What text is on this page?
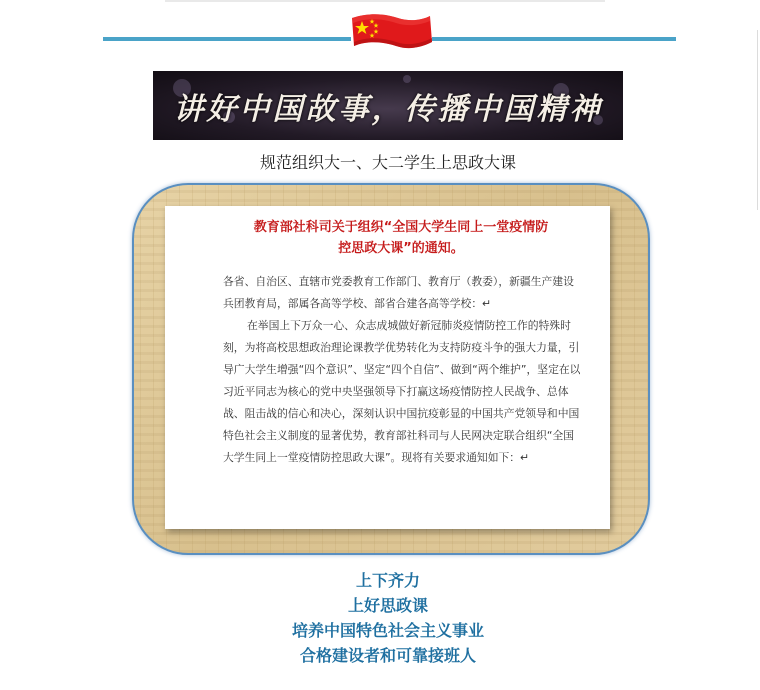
讲好中国故事，传播中国精神
规范组织大一、大二学生上思政大课
教育部社科司关于组织“全国大学生同上一堂疫情防
控思政大课”的通知。

各省、自治区、直辖市党委教育工作部门、教育厅（教委），新疆生产建设兵团教育局，部属各高等学校、部省合建各高等学校：↵

在举国上下万众一心、众志成城做好新冠肺炎疫情防控工作的特殊时刻，为将高校思想政治理论课教学优势转化为支持防疫斗争的强大力量，引导广大学生增强“四个意识”、坚定“四个自信”、做到“两个维护”，坚定在以习近平同志为核心的党中央坚强领导下打赢这场疫情防控人民战争、总体战、阻击战的信心和决心，深刻认识中国抗疫彰显的中国共产党领导和中国特色社会主义制度的显著优势，教育部社科司与人民网决定联合组织“全国大学生同上一堂疫情防控思政大课”。现将有关要求通知如下：↵

上下齐力
上好思政课
培养中国特色社会主义事业
合格建设者和可靠接班人
